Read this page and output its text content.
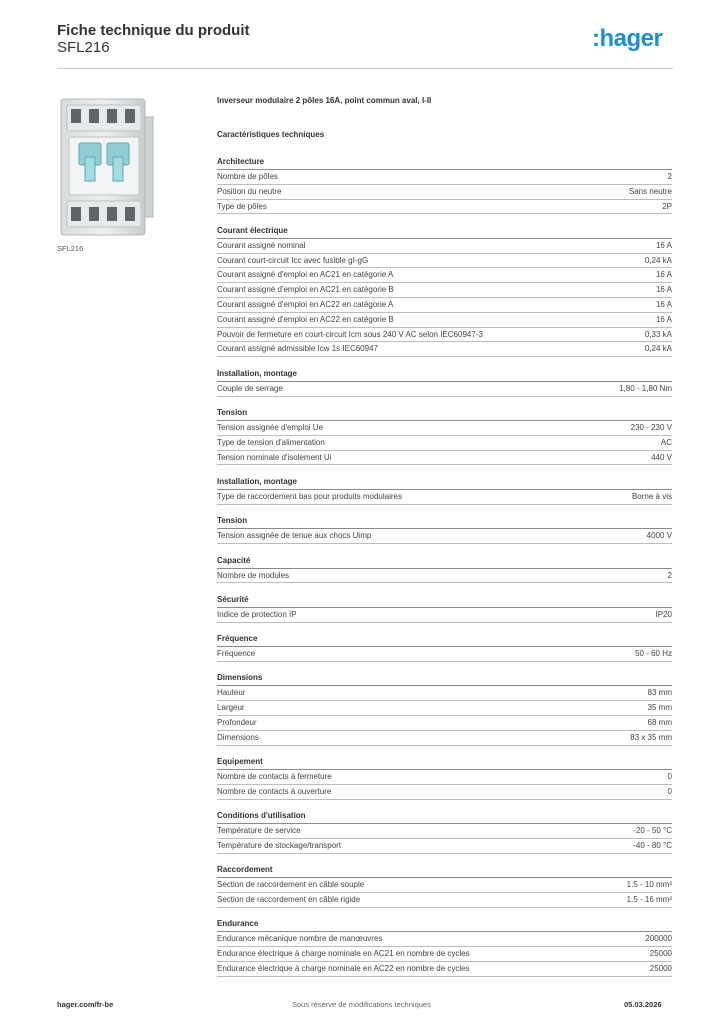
Fiche technique du produit
SFL216	:hager
SFL216
Inverseur modulaire 2 pôles 16A, point commun aval, I-II
Caractéristiques techniques
Architecture
Nombre de pôles	2
Position du neutre	Sans neutre
Type de pôles	2P
Courant électrique
Courant assigné nominal	16 A
Courant court-circuit Icc avec fusible gI-gG	0,24 kA
Courant assigné d'emploi en AC21 en catégorie A	16 A
Courant assigné d'emploi en AC21 en catégorie B	16 A
Courant assigné d'emploi en AC22 en catégorie A	16 A
Courant assigné d'emploi en AC22 en catégorie B	16 A
Pouvoir de fermeture en court-circuit Icm sous 240 V AC selon IEC60947-3	0,33 kA
Courant assigné admissible Icw 1s IEC60947	0,24 kA
Installation, montage
Couple de serrage	1,80 - 1,80 Nm
Tension
Tension assignée d'emploi Ue	230 - 230 V
Type de tension d'alimentation	AC
Tension nominale d'isolement Ui	440 V
Installation, montage
Type de raccordement bas pour produits modulaires	Borne à vis
Tension
Tension assignée de tenue aux chocs Uimp	4000 V
Capacité
Nombre de modules	2
Sécurité
Indice de protection IP	IP20
Fréquence
Fréquence	50 - 60 Hz
Dimensions
Hauteur	83 mm
Largeur	35 mm
Profondeur	68 mm
Dimensions	83 x 35 mm
Equipement
Nombre de contacts à fermeture	0
Nombre de contacts à ouverture	0
Conditions d'utilisation
Température de service	-20 - 50 °C
Température de stockage/transport	-40 - 80 °C
Raccordement
Section de raccordement en câble souple	1.5 - 10 mm²
Section de raccordement en câble rigide	1.5 - 16 mm²
Endurance
Endurance mécanique nombre de manœuvres	200000
Endurance électrique à charge nominale en AC21 en nombre de cycles	25000
Endurance électrique à charge nominale en AC22 en nombre de cycles	25000
hager.com/fr-be	Sous réserve de modifications techniques	05.03.2026
